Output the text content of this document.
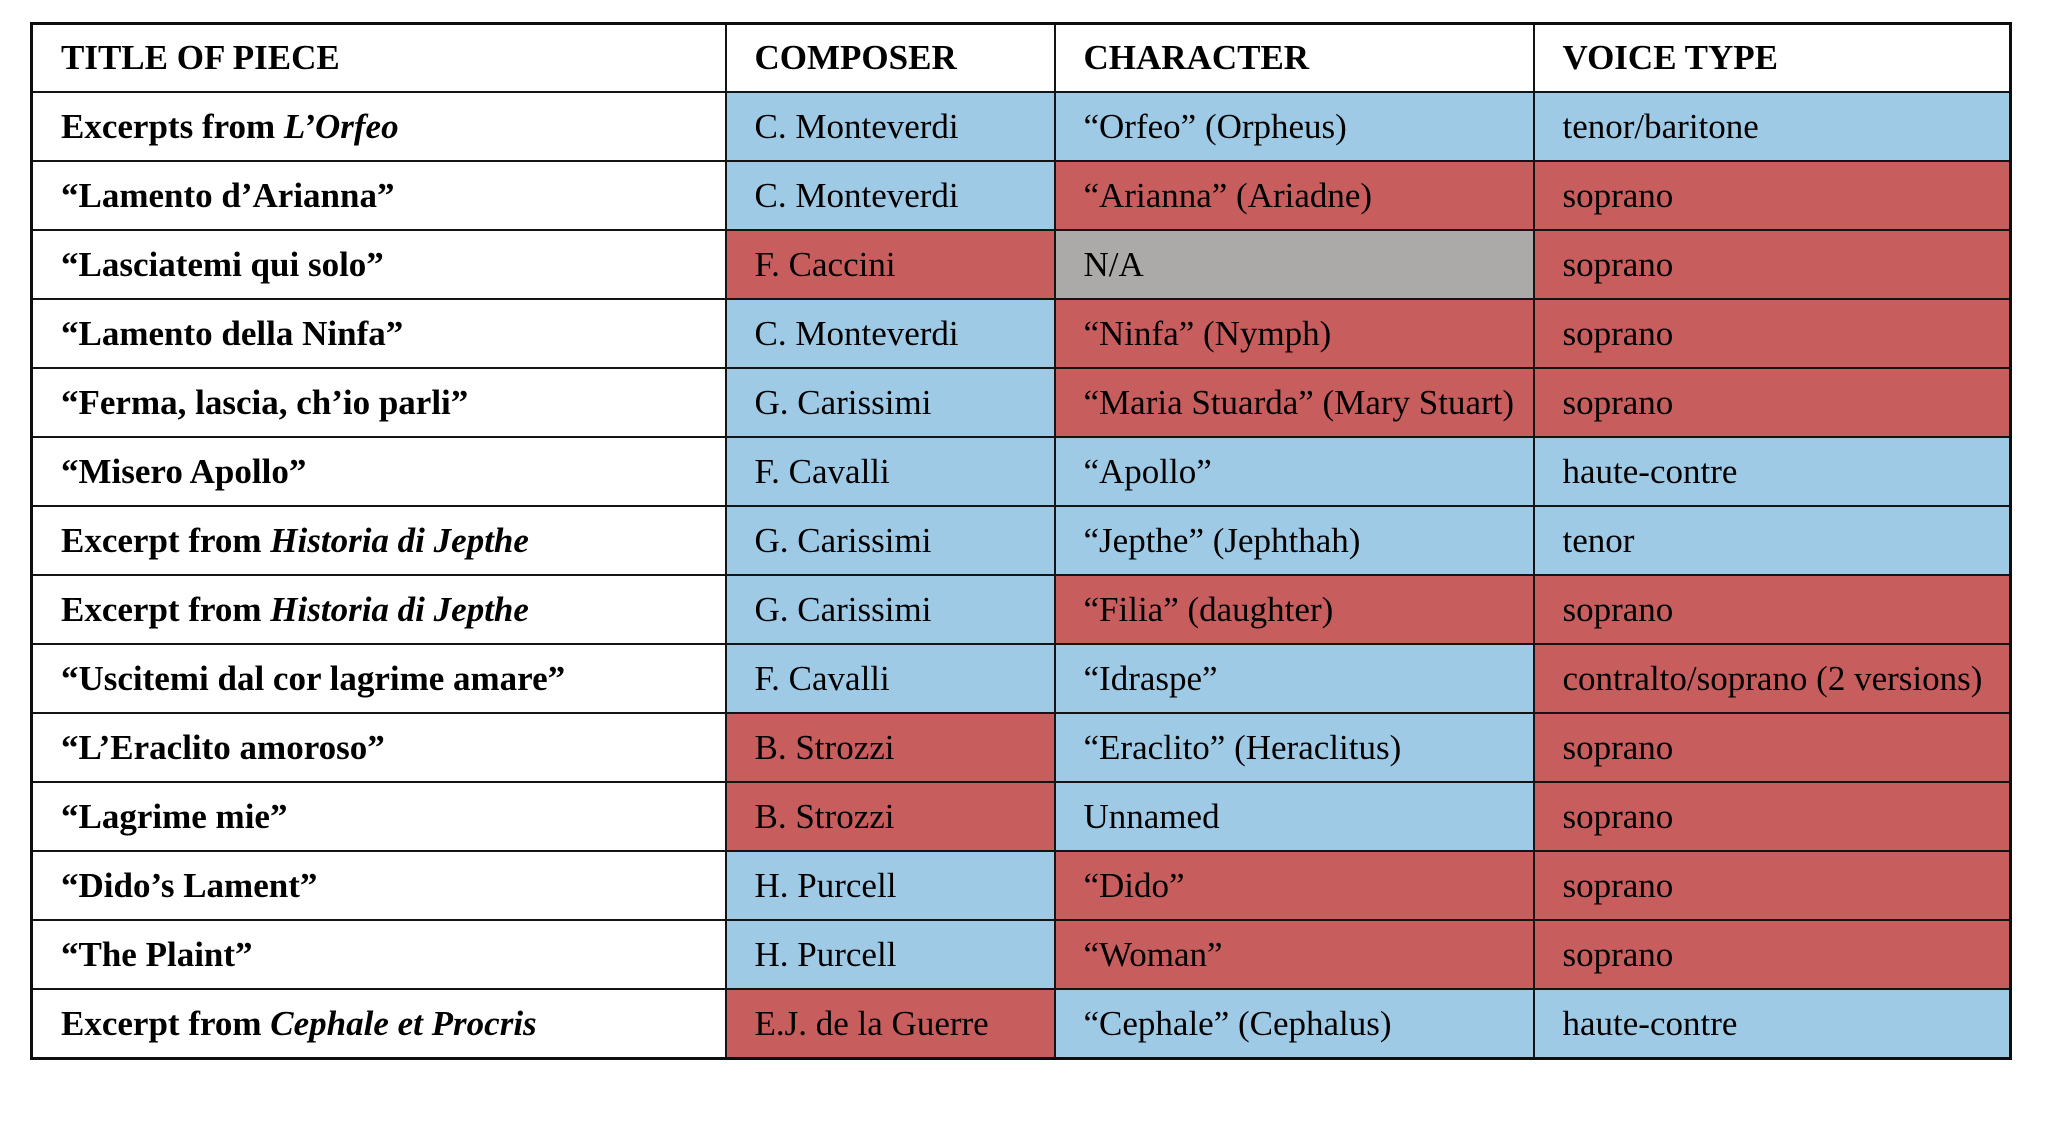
TITLE OF PIECE	COMPOSER	CHARACTER	VOICE TYPE
Excerpts from L’Orfeo	C. Monteverdi	“Orfeo” (Orpheus)	tenor/baritone
“Lamento d’Arianna”	C. Monteverdi	“Arianna” (Ariadne)	soprano
“Lasciatemi qui solo”	F. Caccini	N/A	soprano
“Lamento della Ninfa”	C. Monteverdi	“Ninfa” (Nymph)	soprano
“Ferma, lascia, ch’io parli”	G. Carissimi	“Maria Stuarda” (Mary Stuart)	soprano
“Misero Apollo”	F. Cavalli	“Apollo”	haute-contre
Excerpt from Historia di Jepthe	G. Carissimi	“Jepthe” (Jephthah)	tenor
Excerpt from Historia di Jepthe	G. Carissimi	“Filia” (daughter)	soprano
“Uscitemi dal cor lagrime amare”	F. Cavalli	“Idraspe”	contralto/soprano (2 versions)
“L’Eraclito amoroso”	B. Strozzi	“Eraclito” (Heraclitus)	soprano
“Lagrime mie”	B. Strozzi	Unnamed	soprano
“Dido’s Lament”	H. Purcell	“Dido”	soprano
“The Plaint”	H. Purcell	“Woman”	soprano
Excerpt from Cephale et Procris	E.J. de la Guerre	“Cephale” (Cephalus)	haute-contre
